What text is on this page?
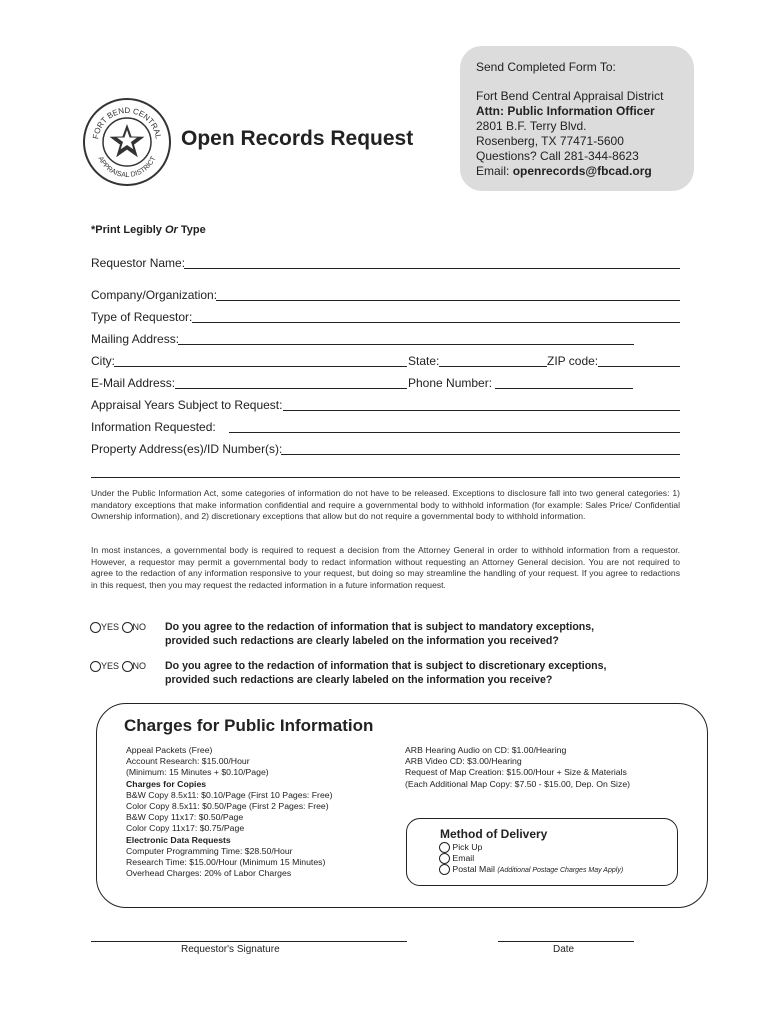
FORT BEND CENTRAL
APPRAISAL DISTRICT
Open Records Request
Send Completed Form To:
Fort Bend Central Appraisal District
Attn: Public Information Officer
2801 B.F. Terry Blvd.
Rosenberg, TX 77471-5600
Questions? Call 281-344-8623
Email: openrecords@fbcad.org
*Print Legibly Or Type
Requestor Name:
Company/Organization:
Type of Requestor:
Mailing Address:
City:	State:	ZIP code:
E-Mail Address:	Phone Number:
Appraisal Years Subject to Request:
Information Requested:
Property Address(es)/ID Number(s):
Under the Public Information Act, some categories of information do not have to be released. Exceptions to disclosure fall into two general categories: 1) mandatory exceptions that make information confidential and require a governmental body to withhold information (for example: Sales Price/ Confidential Ownership information), and 2) discretionary exceptions that allow but do not require a governmental body to withhold information.
In most instances, a governmental body is required to request a decision from the Attorney General in order to withhold information from a requestor. However, a requestor may permit a governmental body to redact information without requesting an Attorney General decision. You are not required to agree to the redaction of any information responsive to your request, but doing so may streamline the handling of your request. If you agree to redactions in this request, then you may request the redacted information in a future information request.
YES NO Do you agree to the redaction of information that is subject to mandatory exceptions,
provided such redactions are clearly labeled on the information you received?
YES NO Do you agree to the redaction of information that is subject to discretionary exceptions,
provided such redactions are clearly labeled on the information you receive?
Charges for Public Information
Appeal Packets (Free)
Account Research: $15.00/Hour
(Minimum: 15 Minutes + $0.10/Page)
Charges for Copies
B&W Copy 8.5x11: $0.10/Page (First 10 Pages: Free)
Color Copy 8.5x11: $0.50/Page (First 2 Pages: Free)
B&W Copy 11x17: $0.50/Page
Color Copy 11x17: $0.75/Page
Electronic Data Requests
Computer Programming Time: $28.50/Hour
Research Time: $15.00/Hour (Minimum 15 Minutes)
Overhead Charges: 20% of Labor Charges
ARB Hearing Audio on CD: $1.00/Hearing
ARB Video CD: $3.00/Hearing
Request of Map Creation: $15.00/Hour + Size & Materials
(Each Additional Map Copy: $7.50 - $15.00, Dep. On Size)
Method of Delivery
Pick Up
Email
Postal Mail (Additional Postage Charges May Apply)
Requestor's Signature	Date
